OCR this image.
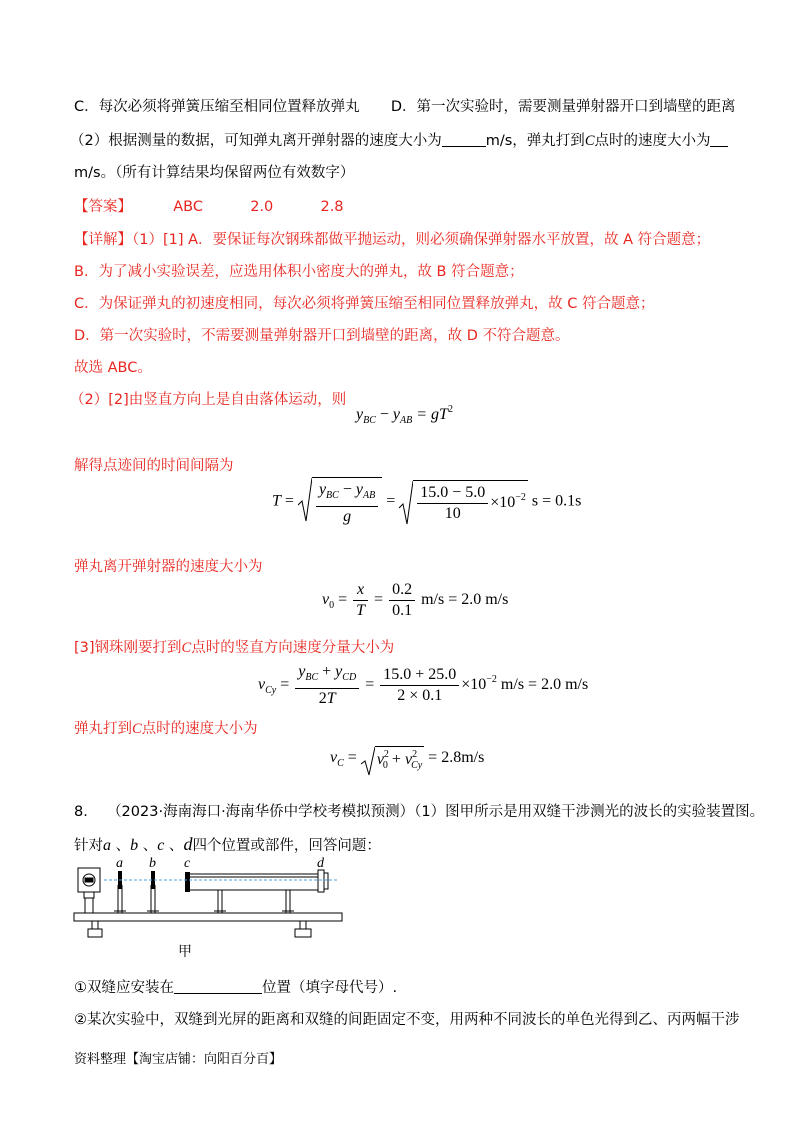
C．每次必须将弹簧压缩至相同位置释放弹丸 D．第一次实验时，需要测量弹射器开口到墙壁的距离
（2）根据测量的数据，可知弹丸离开弹射器的速度大小为	m/s，弹丸打到C点时的速度大小为
m/s。（所有计算结果均保留两位有效数字）
【答案】	ABC	2.0	2.8
【详解】（1）[1] A．要保证每次钢珠都做平抛运动，则必须确保弹射器水平放置，故 A 符合题意；
B．为了减小实验误差，应选用体积小密度大的弹丸，故 B 符合题意；
C．为保证弹丸的初速度相同，每次必须将弹簧压缩至相同位置释放弹丸，故 C 符合题意；
D．第一次实验时，不需要测量弹射器开口到墙壁的距离，故 D 不符合题意。
故选 ABC。
（2）[2]由竖直方向上是自由落体运动，则
$y_{BC} - y_{AB} = gT^2$
解得点迹间的时间间隔为
$T = \frac{y_{BC} - y_{AB}}{g} = \frac{15.0 - 5.0}{10} \times 10^{-2}$ s = 0.1s
弹丸离开弹射器的速度大小为
$v_0 = \frac{x}{T} = \frac{0.2}{0.1} m/s = 2.0$ m/s
[3]钢珠刚要打到C点时的竖直方向速度分量大小为
$v_{Cy} = \frac{y_{BC} + y_{CD}}{2T} = \frac{15.0 + 25.0}{2 \times 0.1} \times 10^{-2}$ m/s = 2.0 m/s
弹丸打到C点时的速度大小为
$v_C$ =
$v^2_0 + v^2_{Cy} = 2.8m/s$
8. （2023·海南海口·海南华侨中学校考模拟预测）（1）图甲所示是用双缝干涉测光的波长的实验装置图。
针对a 、b 、c 、d四个位置或部件，回答问题：
a b c	d
甲
①双缝应安装在	位置（填字母代号）.
②某次实验中，双缝到光屏的距离和双缝的间距固定不变，用两种不同波长的单色光得到乙、丙两幅干涉
资料整理【淘宝店铺：向阳百分百】
